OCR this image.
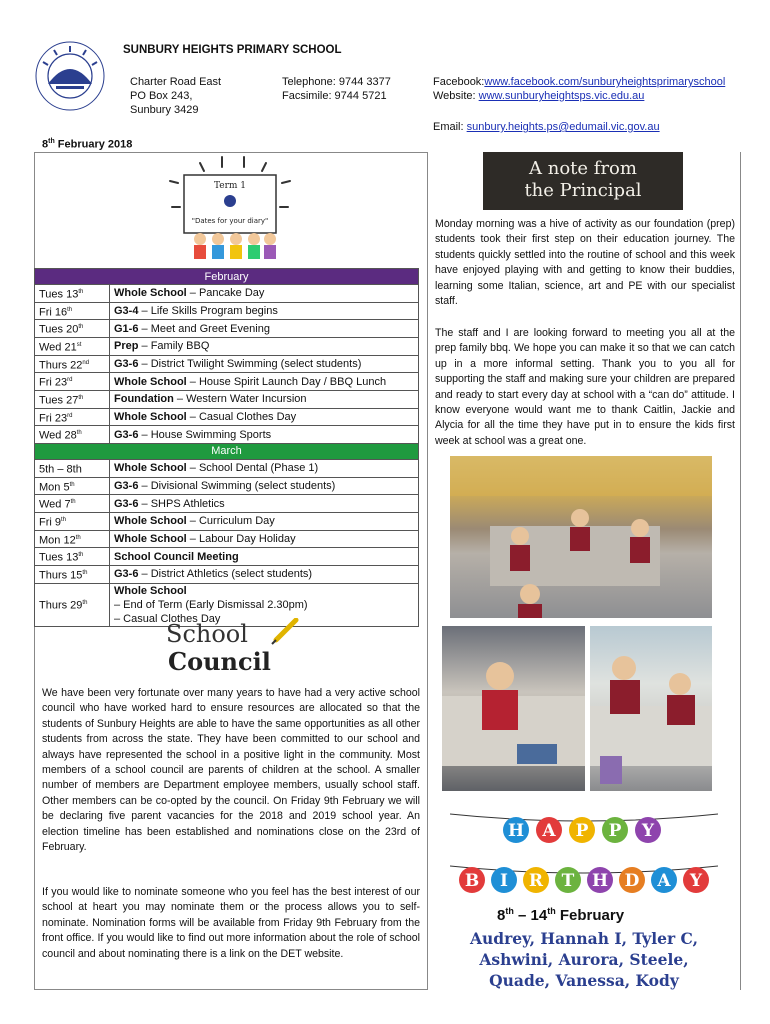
SUNBURY HEIGHTS PRIMARY SCHOOL
Charter Road East
PO Box 243,
Sunbury 3429
Telephone: 9744 3377
Facsimile: 9744 5721
Facebook:www.facebook.com/sunburyheightsprimaryschool
Website: www.sunburyheightsps.vic.edu.au
Email: sunbury.heights.ps@edumail.vic.gov.au
8th February 2018
Term 1
"Dates for your diary"
February	
Tues 13th	Whole School – Pancake Day
Fri 16th	G3-4 – Life Skills Program begins
Tues 20th	G1-6 – Meet and Greet Evening
Wed 21st	Prep – Family BBQ
Thurs 22nd	G3-6 – District Twilight Swimming (select students)
Fri 23rd	Whole School – House Spirit Launch Day / BBQ Lunch
Tues 27th	Foundation – Western Water Incursion
Fri 23rd	Whole School – Casual Clothes Day
Wed 28th	G3-6 – House Swimming Sports
March	
5th – 8th	Whole School – School Dental (Phase 1)
Mon 5th	G3-6 – Divisional Swimming (select students)
Wed 7th	G3-6 – SHPS Athletics
Fri 9th	Whole School – Curriculum Day
Mon 12th	Whole School – Labour Day Holiday
Tues 13th	School Council Meeting
Thurs 15th	G3-6 – District Athletics (select students)
Thurs 29th	Whole School
– End of Term (Early Dismissal 2.30pm)
– Casual Clothes Day
School
Council
We have been very fortunate over many years to have had a very active school council who have worked hard to ensure resources are allocated so that the students of Sunbury Heights are able to have the same opportunities as all other students from across the state. They have been committed to our school and always have represented the school in a positive light in the community. Most members of a school council are parents of children at the school. A smaller number of members are Department employee members, usually school staff. Other members can be co-opted by the council. On Friday 9th February we will be declaring five parent vacancies for the 2018 and 2019 school year. An election timeline has been established and nominations close on the 23rd of February.
If you would like to nominate someone who you feel has the best interest of our school at heart you may nominate them or the process allows you to self-nominate. Nomination forms will be available from Friday 9th February from the front office. If you would like to find out more information about the role of school council and about nominating there is a link on the DET website.
A note from
the Principal
Monday morning was a hive of activity as our foundation (prep) students took their first step on their education journey. The students quickly settled into the routine of school and this week have enjoyed playing with and getting to know their buddies, learning some Italian, science, art and PE with our specialist staff.
The staff and I are looking forward to meeting you all at the prep family bbq. We hope you can make it so that we can catch up in a more informal setting. Thank you to you all for supporting the staff and making sure your children are prepared and ready to start every day at school with a “can do” attitude. I know everyone would want me to thank Caitlin, Jackie and Alycia for all the time they have put in to ensure the kids first week at school was a great one.
H A P P Y
B I R T H D A Y
8th – 14th February
Audrey, Hannah I, Tyler C,
Ashwini, Aurora, Steele,
Quade, Vanessa, Kody
